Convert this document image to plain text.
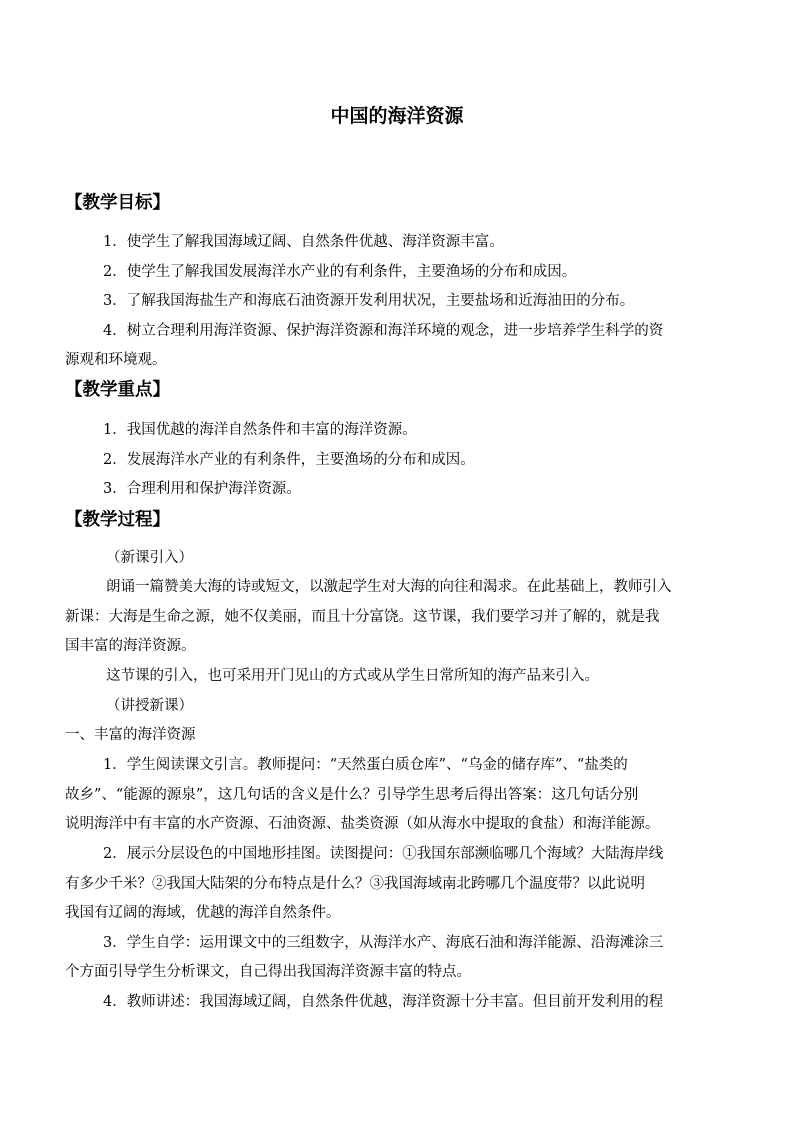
中国的海洋资源
【教学目标】
1．使学生了解我国海域辽阔、自然条件优越、海洋资源丰富。
2．使学生了解我国发展海洋水产业的有利条件，主要渔场的分布和成因。
3．了解我国海盐生产和海底石油资源开发利用状况，主要盐场和近海油田的分布。
4．树立合理利用海洋资源、保护海洋资源和海洋环境的观念，进一步培养学生科学的资
源观和环境观。
【教学重点】
1．我国优越的海洋自然条件和丰富的海洋资源。
2．发展海洋水产业的有利条件，主要渔场的分布和成因。
3．合理利用和保护海洋资源。
【教学过程】
（新课引入）
朗诵一篇赞美大海的诗或短文，以激起学生对大海的向往和渴求。在此基础上，教师引入
新课：大海是生命之源，她不仅美丽，而且十分富饶。这节课，我们要学习并了解的，就是我
国丰富的海洋资源。
这节课的引入，也可采用开门见山的方式或从学生日常所知的海产品来引入。
（讲授新课）
一、丰富的海洋资源
1．学生阅读课文引言。教师提问：“天然蛋白质仓库”、“乌金的储存库”、“盐类的
故乡”、“能源的源泉”，这几句话的含义是什么？引导学生思考后得出答案：这几句话分别
说明海洋中有丰富的水产资源、石油资源、盐类资源（如从海水中提取的食盐）和海洋能源。
2．展示分层设色的中国地形挂图。读图提问：①我国东部濒临哪几个海域？大陆海岸线
有多少千米？②我国大陆架的分布特点是什么？③我国海域南北跨哪几个温度带？以此说明
我国有辽阔的海域，优越的海洋自然条件。
3．学生自学：运用课文中的三组数字，从海洋水产、海底石油和海洋能源、沿海滩涂三
个方面引导学生分析课文，自己得出我国海洋资源丰富的特点。
4．教师讲述：我国海域辽阔，自然条件优越，海洋资源十分丰富。但目前开发利用的程
